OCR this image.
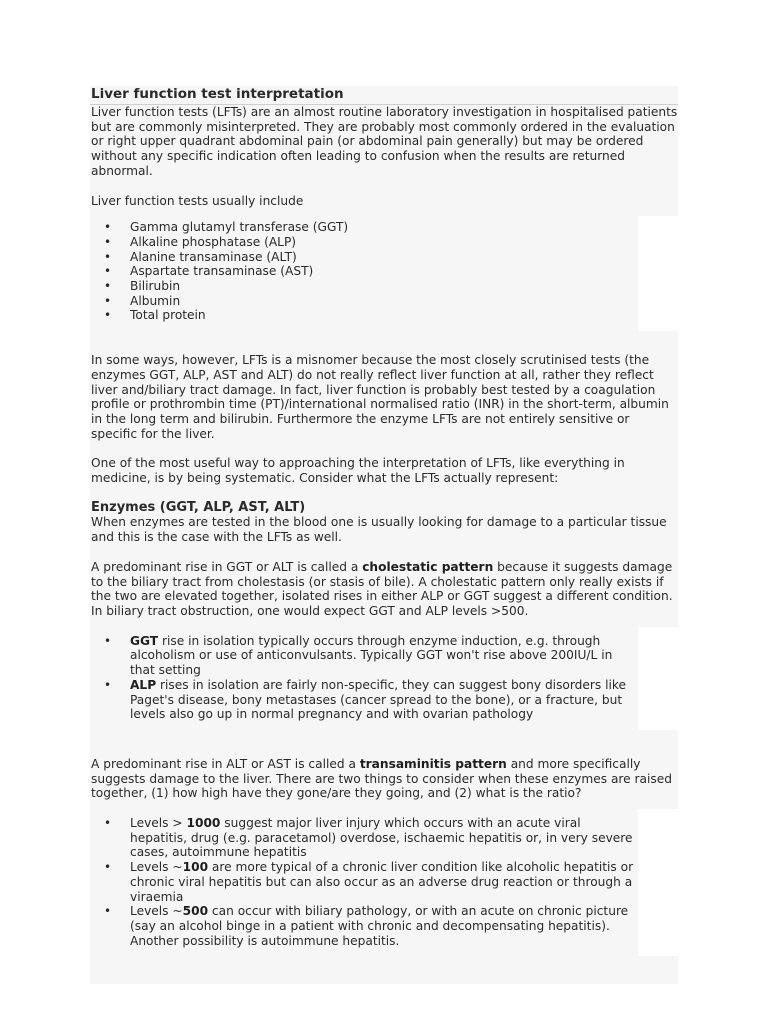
Liver function test interpretation

Liver function tests (LFTs) are an almost routine laboratory investigation in hospitalised patients but are commonly misinterpreted. They are probably most commonly ordered in the evaluation or right upper quadrant abdominal pain (or abdominal pain generally) but may be ordered without any specific indication often leading to confusion when the results are returned abnormal.

Liver function tests usually include

• Gamma glutamyl transferase (GGT)
• Alkaline phosphatase (ALP)
• Alanine transaminase (ALT)
• Aspartate transaminase (AST)
• Bilirubin
• Albumin
• Total protein

In some ways, however, LFTs is a misnomer because the most closely scrutinised tests (the enzymes GGT, ALP, AST and ALT) do not really reflect liver function at all, rather they reflect liver and/biliary tract damage. In fact, liver function is probably best tested by a coagulation profile or prothrombin time (PT)/international normalised ratio (INR) in the short-term, albumin in the long term and bilirubin. Furthermore the enzyme LFTs are not entirely sensitive or specific for the liver.

One of the most useful way to approaching the interpretation of LFTs, like everything in medicine, is by being systematic. Consider what the LFTs actually represent:

Enzymes (GGT, ALP, AST, ALT)

When enzymes are tested in the blood one is usually looking for damage to a particular tissue and this is the case with the LFTs as well.

A predominant rise in GGT or ALT is called a cholestatic pattern because it suggests damage to the biliary tract from cholestasis (or stasis of bile). A cholestatic pattern only really exists if the two are elevated together, isolated rises in either ALP or GGT suggest a different condition. In biliary tract obstruction, one would expect GGT and ALP levels >500.

• GGT rise in isolation typically occurs through enzyme induction, e.g. through alcoholism or use of anticonvulsants. Typically GGT won't rise above 200IU/L in that setting
• ALP rises in isolation are fairly non-specific, they can suggest bony disorders like Paget's disease, bony metastases (cancer spread to the bone), or a fracture, but levels also go up in normal pregnancy and with ovarian pathology

A predominant rise in ALT or AST is called a transaminitis pattern and more specifically suggests damage to the liver. There are two things to consider when these enzymes are raised together, (1) how high have they gone/are they going, and (2) what is the ratio?

• Levels > 1000 suggest major liver injury which occurs with an acute viral hepatitis, drug (e.g. paracetamol) overdose, ischaemic hepatitis or, in very severe cases, autoimmune hepatitis
• Levels ~100 are more typical of a chronic liver condition like alcoholic hepatitis or chronic viral hepatitis but can also occur as an adverse drug reaction or through a viraemia
• Levels ~500 can occur with biliary pathology, or with an acute on chronic picture (say an alcohol binge in a patient with chronic and decompensating hepatitis). Another possibility is autoimmune hepatitis.
